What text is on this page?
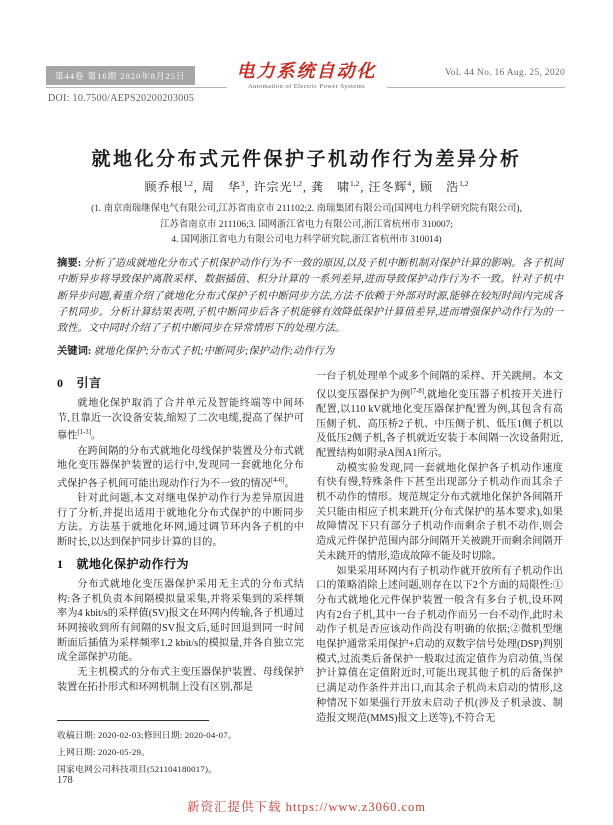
第44卷 第16期 2020年8月25日
DOI: 10.7500/AEPS20200203005
电力系统自动化
Automation of Electric Power Systems
Vol. 44 No. 16 Aug. 25, 2020
就地化分布式元件保护子机动作行为差异分析
顾乔根$^{1,2}$, 周　华$^3$, 许宗光$^{1,2}$, 龚　啸$^{1,2}$, 汪冬辉$^4$, 顾　浩$^{1,2}$
(1. 南京南瑞继保电气有限公司,江苏省南京市 211102;2. 南瑞集团有限公司(国网电力科学研究院有限公司),
江苏省南京市 211106;3. 国网浙江省电力有限公司,浙江省杭州市 310007;
4. 国网浙江省电力有限公司电力科学研究院,浙江省杭州市 310014)
摘要: 分析了造成就地化分布式子机保护动作行为不一致的原因,以及子机中断机制对保护计算的影响。各子机间中断异步将导致保护离散采样、数据插值、积分计算的一系列差异,进而导致保护动作行为不一致。针对子机中断异步问题,着重介绍了就地化分布式保护子机中断同步方法,方法不依赖于外部对时源,能够在较短时间内完成各子机同步。分析计算结果表明,子机中断同步后各子机能够有效降低保护计算值差异,进而增强保护动作行为的一致性。文中同时介绍了子机中断同步在异常情形下的处理方法。
关键词: 就地化保护;分布式子机;中断同步;保护动作;动作行为
0 引言

就地化保护取消了合并单元及智能终端等中间环节,且靠近一次设备安装,缩短了二次电缆,提高了保护可靠性[1-3]。

在跨间隔的分布式就地化母线保护装置及分布式就地化变压器保护装置的运行中,发现同一套就地化分布式保护各子机间可能出现动作行为不一致的情况[4-6]。

针对此问题,本文对继电保护动作行为差异原因进行了分析,并提出适用于就地化分布式保护的中断同步方法。方法基于就地化环网,通过调节环内各子机的中断时长,以达到保护同步计算的目的。

1 就地化保护动作行为

分布式就地化变压器保护采用无主式的分布式结构:各子机负责本间隔模拟量采集,并将采集到的采样频率为4 kbit/s的采样值(SV)报文在环网内传输,各子机通过环网接收到所有间隔的SV报文后,延时回退到同一时间断面后插值为采样频率1.2 kbit/s的模拟量,并各自独立完成全部保护功能。

无主机模式的分布式主变压器保护装置、母线保护装置在拓扑形式和环网机制上没有区别,都是

收稿日期: 2020-02-03;修回日期: 2020-04-07。
上网日期: 2020-05-29。
国家电网公司科技项目(521104180017)。

一台子机处理单个或多个间隔的采样、开关跳闸。本文仅以变压器保护为例[7-8],就地化变压器子机按开关进行配置,以110 kV就地化变压器保护配置为例,其包含有高压侧子机、高压桥2子机、中压侧子机、低压1侧子机以及低压2侧子机,各子机就近安装于本间隔一次设备附近,配置结构如附录A图A1所示。

动模实验发现,同一套就地化保护各子机动作速度有快有慢,特殊条件下甚至出现部分子机动作而其余子机不动作的情形。规范规定分布式就地化保护各间隔开关只能由相应子机来跳开(分布式保护的基本要求),如果故障情况下只有部分子机动作而剩余子机不动作,则会造成元件保护范围内部分间隔开关被跳开而剩余间隔开关未跳开的情形,造成故障不能及时切除。

如果采用环网内有子机动作就开放所有子机动作出口的策略消除上述问题,则存在以下2个方面的局限性:①分布式就地化元件保护装置一般含有多台子机,设环网内有2台子机,其中一台子机动作而另一台不动作,此时未动作子机是否应该动作尚没有明确的依据;②微机型继电保护通常采用保护+启动的双数字信号处理(DSP)判别模式,过流类后备保护一般取过流定值作为启动值,当保护计算值在定值附近时,可能出现其他子机的后备保护已满足动作条件并出口,而其余子机尚未启动的情形,这种情况下如果强行开放未启动子机(涉及子机录波、制造报文规范(MMS)报文上送等),不符合无

178
新资汇提供下载 https://www.z3060.com
